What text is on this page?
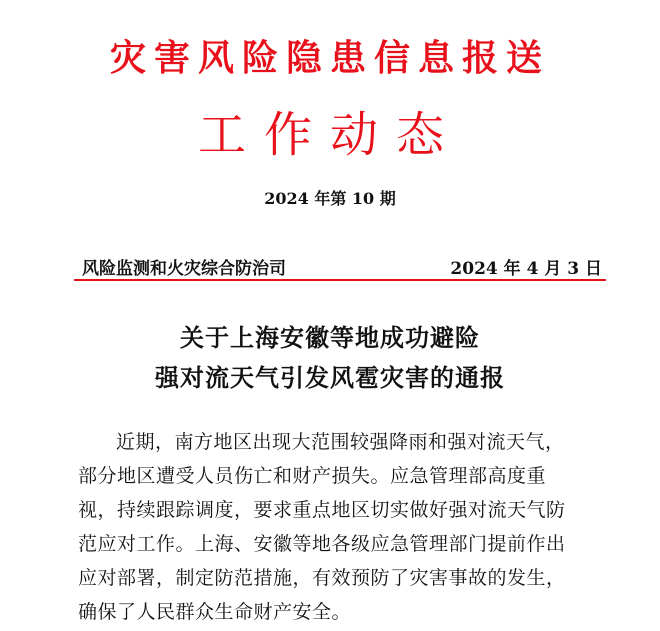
灾害风险隐患信息报送
工作动态
2024 年第 10 期
风险监测和火灾综合防治司	2024 年 4 月 3 日
关于上海安徽等地成功避险
强对流天气引发风雹灾害的通报
近期，南方地区出现大范围较强降雨和强对流天气，
部分地区遭受人员伤亡和财产损失。应急管理部高度重
视，持续跟踪调度，要求重点地区切实做好强对流天气防
范应对工作。上海、安徽等地各级应急管理部门提前作出
应对部署，制定防范措施，有效预防了灾害事故的发生，
确保了人民群众生命财产安全。
